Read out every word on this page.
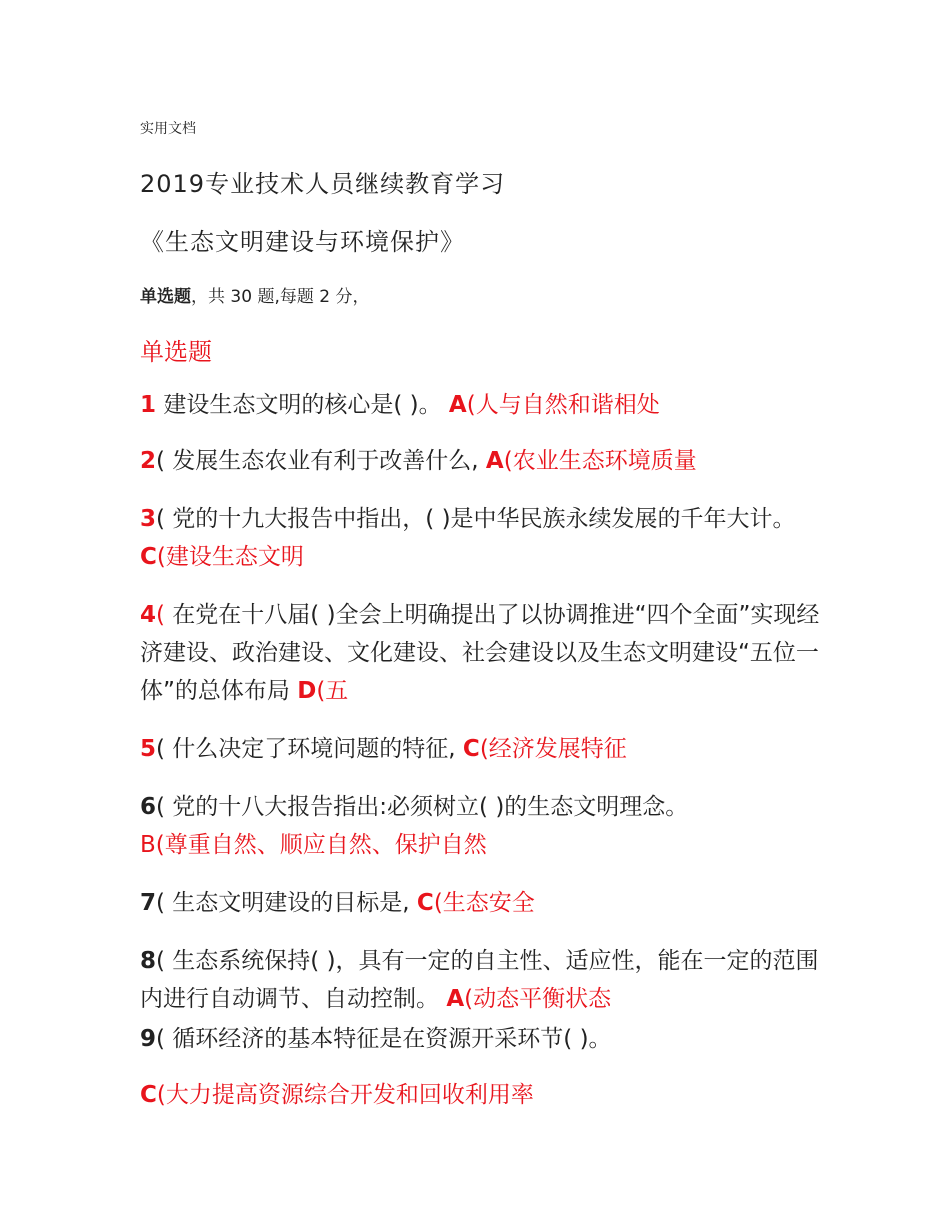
实用文档
2019专业技术人员继续教育学习
《生态文明建设与环境保护》
单选题，共 30 题,每题 2 分，
单选题
1 建设生态文明的核心是( )。 A(人与自然和谐相处
2( 发展生态农业有利于改善什么, A(农业生态环境质量
3( 党的十九大报告中指出，( )是中华民族永续发展的千年大计。 C(建设生态文明
4( 在党在十八届( )全会上明确提出了以协调推进“四个全面”实现经济建设、政治建设、文化建设、社会建设以及生态文明建设“五位一体”的总体布局 D(五
5( 什么决定了环境问题的特征, C(经济发展特征
6( 党的十八大报告指出:必须树立( )的生态文明理念。
B(尊重自然、顺应自然、保护自然
7( 生态文明建设的目标是, C(生态安全
8( 生态系统保持( )，具有一定的自主性、适应性，能在一定的范围内进行自动调节、自动控制。 A(动态平衡状态
9( 循环经济的基本特征是在资源开采环节( )。
C(大力提高资源综合开发和回收利用率
